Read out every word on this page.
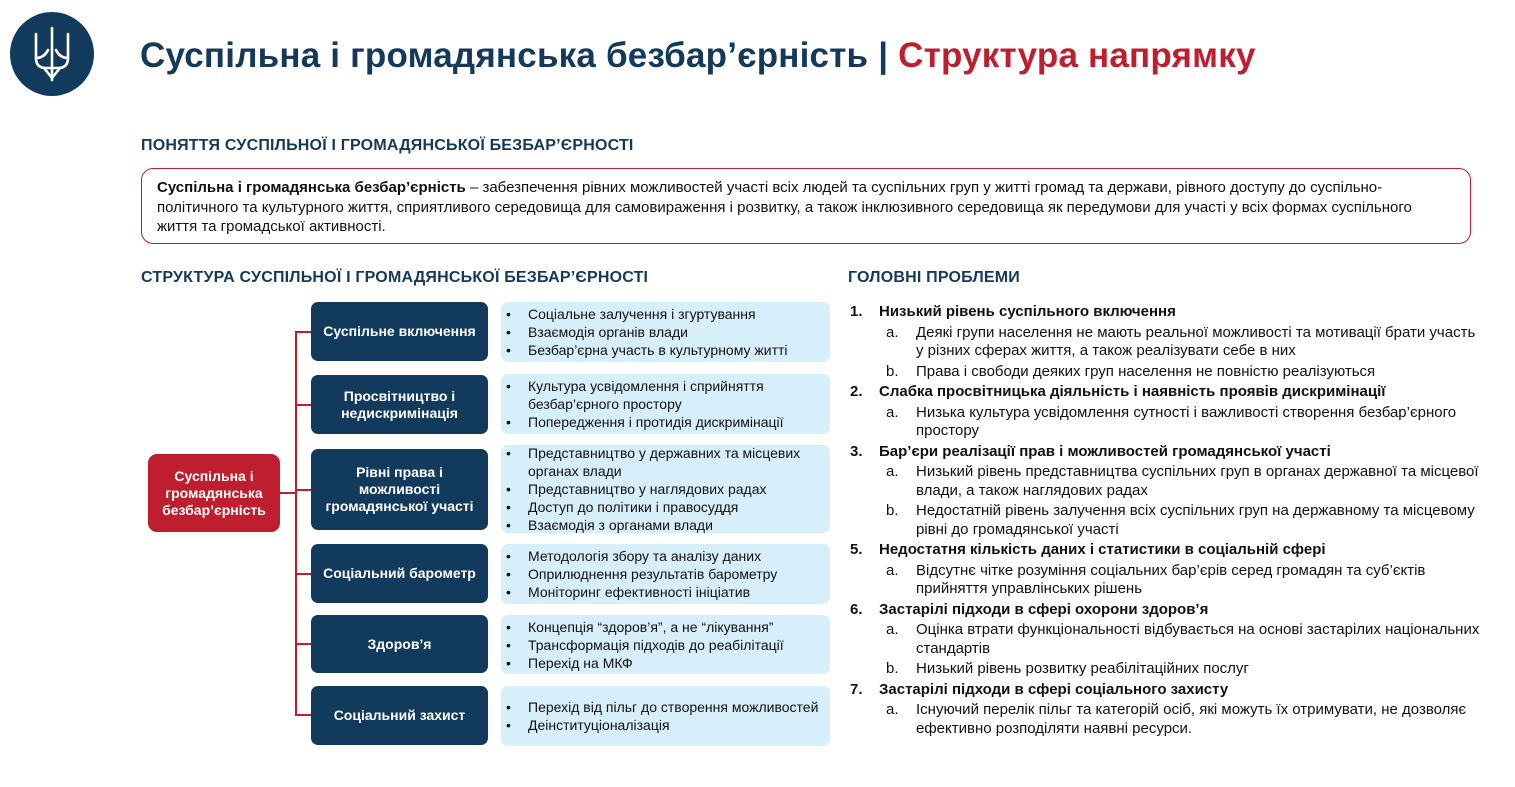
Суспільна і громадянська безбар’єрність | Структура напрямку
ПОНЯТТЯ СУСПІЛЬНОЇ І ГРОМАДЯНСЬКОЇ БЕЗБАР’ЄРНОСТІ
Суспільна і громадянська безбар’єрність – забезпечення рівних можливостей участі всіх людей та суспільних груп у житті громад та держави, рівного доступу до суспільно-політичного та культурного життя, сприятливого середовища для самовираження і розвитку, а також інклюзивного середовища як передумови для участі у всіх формах суспільного життя та громадської активності.
СТРУКТУРА СУСПІЛЬНОЇ І ГРОМАДЯНСЬКОЇ БЕЗБАР’ЄРНОСТІ
Суспільна і громадянська безбар’єрність
Суспільне включення
• Соціальне залучення і згуртування
• Взаємодія органів влади
• Безбар’єрна участь в культурному житті
Просвітництво і недискримінація
• Культура усвідомлення і сприйняття безбар’єрного простору
• Попередження і протидія дискримінації
Рівні права і можливості громадянської участі
• Представництво у державних та місцевих органах влади
• Представництво у наглядових радах
• Доступ до політики і правосуддя
• Взаємодія з органами влади
Соціальний барометр
• Методологія збору та аналізу даних
• Оприлюднення результатів барометру
• Моніторинг ефективності ініціатив
Здоров’я
• Концепція “здоров’я”, а не “лікування”
• Трансформація підходів до реабілітації
• Перехід на МКФ
Соціальний захист
•	Перехід від пільг до створення можливостей
• Деінституціоналізація
ГОЛОВНІ ПРОБЛЕМИ
1. Низький рівень суспільного включення
a. Деякі групи населення не мають реальної можливості та мотивації брати участь у різних сферах життя, а також реалізувати себе в них
b. Права і свободи деяких груп населення не повністю реалізуються
2. Слабка просвітницька діяльність і наявність проявів дискримінації
a. Низька культура усвідомлення сутності і важливості створення безбар’єрного простору
3. Бар’єри реалізації прав і можливостей громадянської участі
a. Низький рівень представництва суспільних груп в органах державної та місцевої влади, а також наглядових радах
b. Недостатній рівень залучення всіх суспільних груп на державному та місцевому рівні до громадянської участі
5. Недостатня кількість даних і статистики в соціальній сфері
a. Відсутнє чітке розуміння соціальних бар’єрів серед громадян та суб’єктів прийняття управлінських рішень
6. Застарілі підходи в сфері охорони здоров’я
a. Оцінка втрати функціональності відбувається на основі застарілих національних стандартів
b. Низький рівень розвитку реабілітаційних послуг
7. Застарілі підходи в сфері соціального захисту
a. Існуючий перелік пільг та категорій осіб, які можуть їх отримувати, не дозволяє ефективно розподіляти наявні ресурси.
